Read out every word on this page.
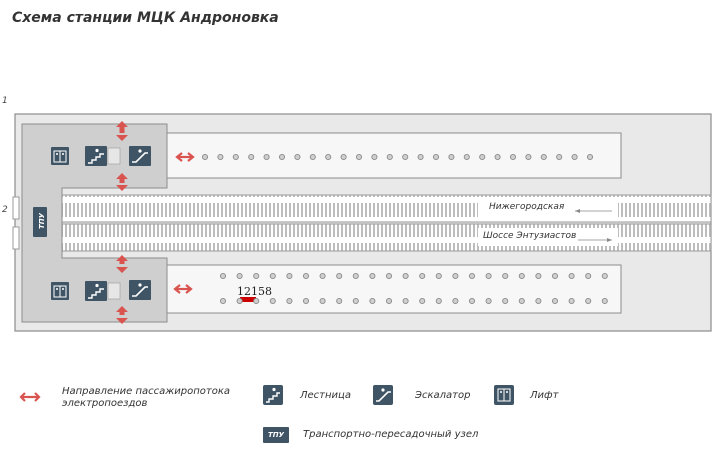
Схема станции МЦК Андроновка
1
2
ТПУ
Нижегородская
Шоссе Энтузиастов
12158
Направление пассажиропотока электропоездов
Лестница	Эскалатор	Лифт
ТПУ	Транспортно-пересадочный узел
